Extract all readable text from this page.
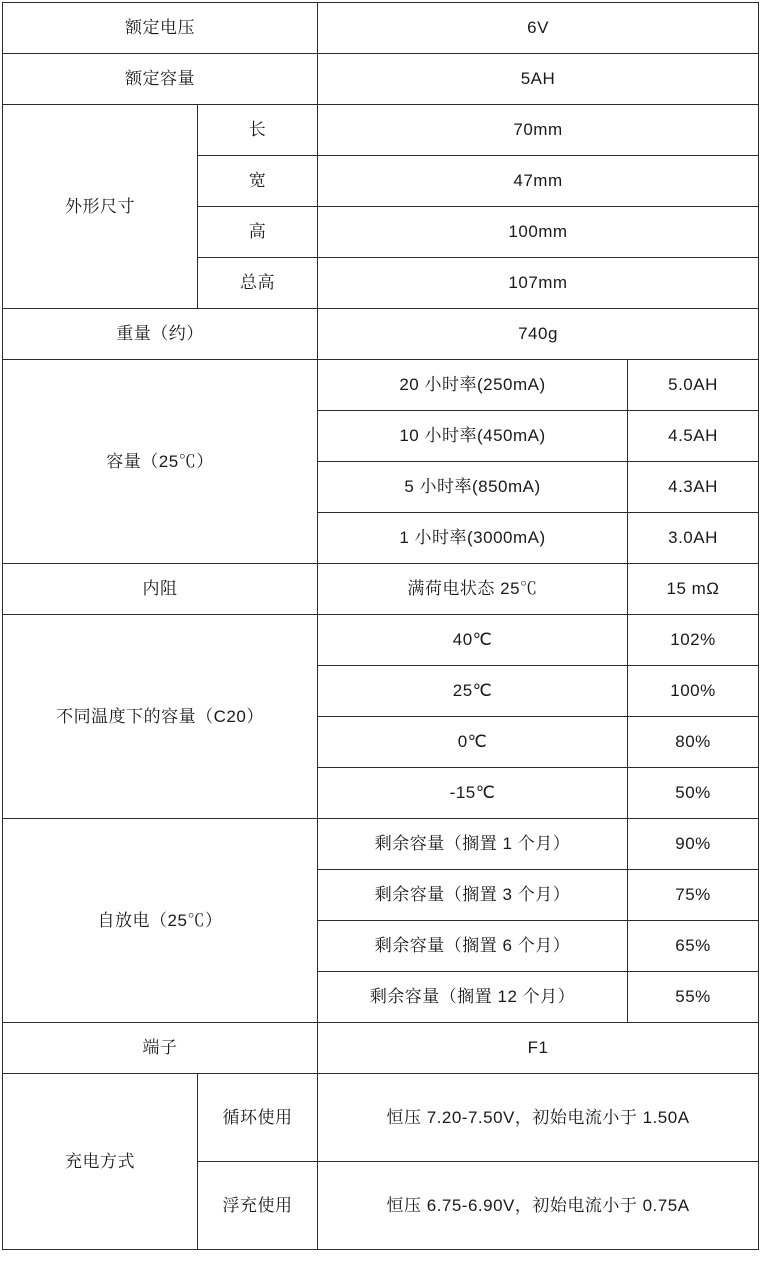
额定电压		6V	
额定容量		5AH	
外形尺寸	长	70mm	
	宽	47mm	
	高	100mm	
	总高	107mm	
重量（约）		740g	
容量（25℃）		20 小时率(250mA)	5.0AH
		10 小时率(450mA)	4.5AH
		5 小时率(850mA)	4.3AH
		1 小时率(3000mA)	3.0AH
内阻		满荷电状态 25℃	15 mΩ
不同温度下的容量（C20）		40℃	102%
		25℃	100%
		0℃	80%
		-15℃	50%
自放电（25℃）		剩余容量（搁置 1 个月）	90%
		剩余容量（搁置 3 个月）	75%
		剩余容量（搁置 6 个月）	65%
		剩余容量（搁置 12 个月）	55%
端子		F1	
充电方式	循环使用	恒压 7.20-7.50V，初始电流小于 1.50A	
	浮充使用	恒压 6.75-6.90V，初始电流小于 0.75A	
